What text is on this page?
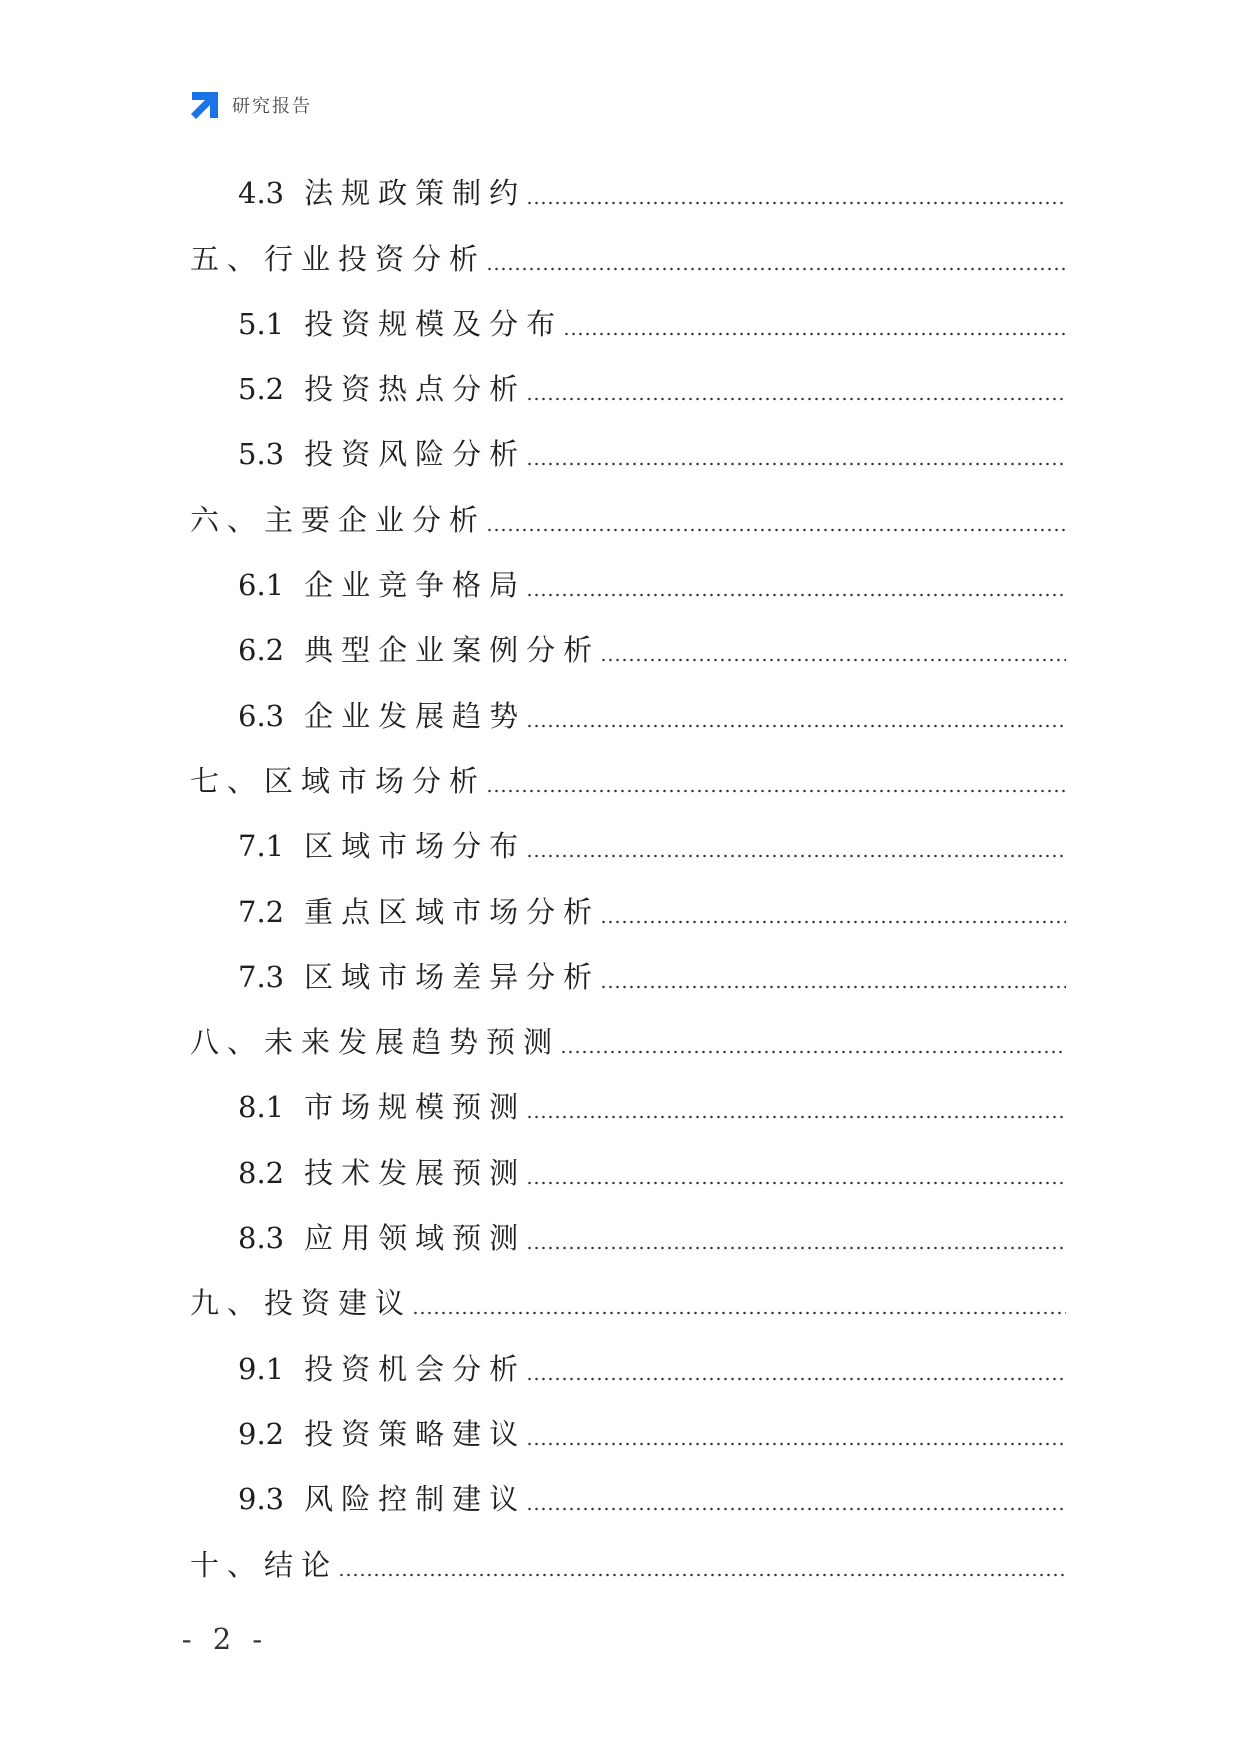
研究报告
4.3 法规政策制约
五、行业投资分析
5.1 投资规模及分布
5.2 投资热点分析
5.3 投资风险分析
六、主要企业分析
6.1 企业竞争格局
6.2 典型企业案例分析
6.3 企业发展趋势
七、区域市场分析
7.1 区域市场分布
7.2 重点区域市场分析
7.3 区域市场差异分析
八、未来发展趋势预测
8.1 市场规模预测
8.2 技术发展预测
8.3 应用领域预测
九、投资建议
9.1 投资机会分析
9.2 投资策略建议
9.3 风险控制建议
十、结论
- 2 -
